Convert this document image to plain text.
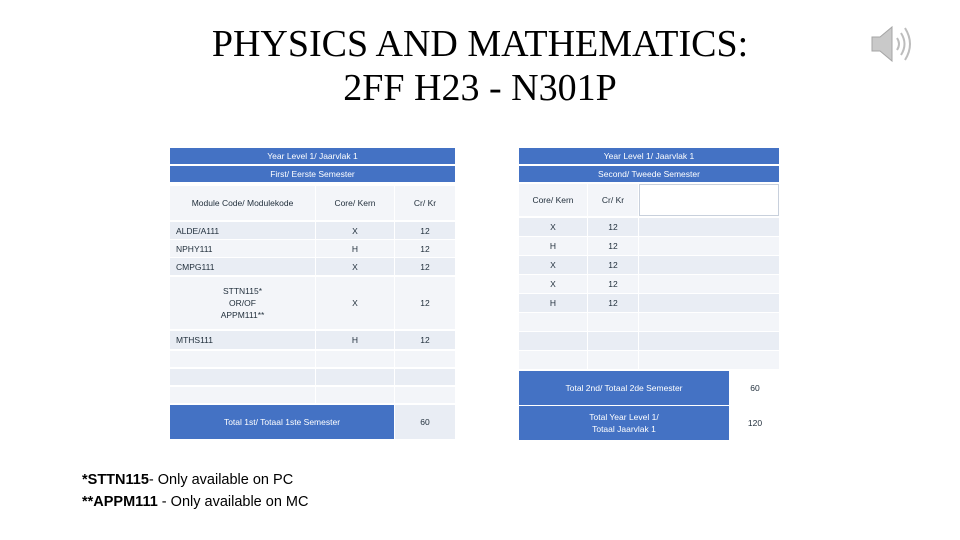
PHYSICS AND MATHEMATICS:
2FF H23 - N301P
Year Level 1/ Jaarvlak 1
First/ Eerste Semester
Module Code/ Modulekode	Core/ Kern	Cr/ Kr
ALDE/A111	X	12
NPHY111	H	12
CMPG111	X	12
STTN115*
OR/OF
APPM111**
X	12
MTHS111	H	12
Total 1st/ Totaal 1ste Semester	60
Year Level 1/ Jaarvlak 1
Second/ Tweede Semester
Core/ Kern	Cr/ Kr
X	12
H	12
X	12
X	12
H	12
Total 2nd/ Totaal 2de Semester	60
Total Year Level 1/
Totaal Jaarvlak 1
120
*STTN115- Only available on PC
**APPM111 - Only available on MC
